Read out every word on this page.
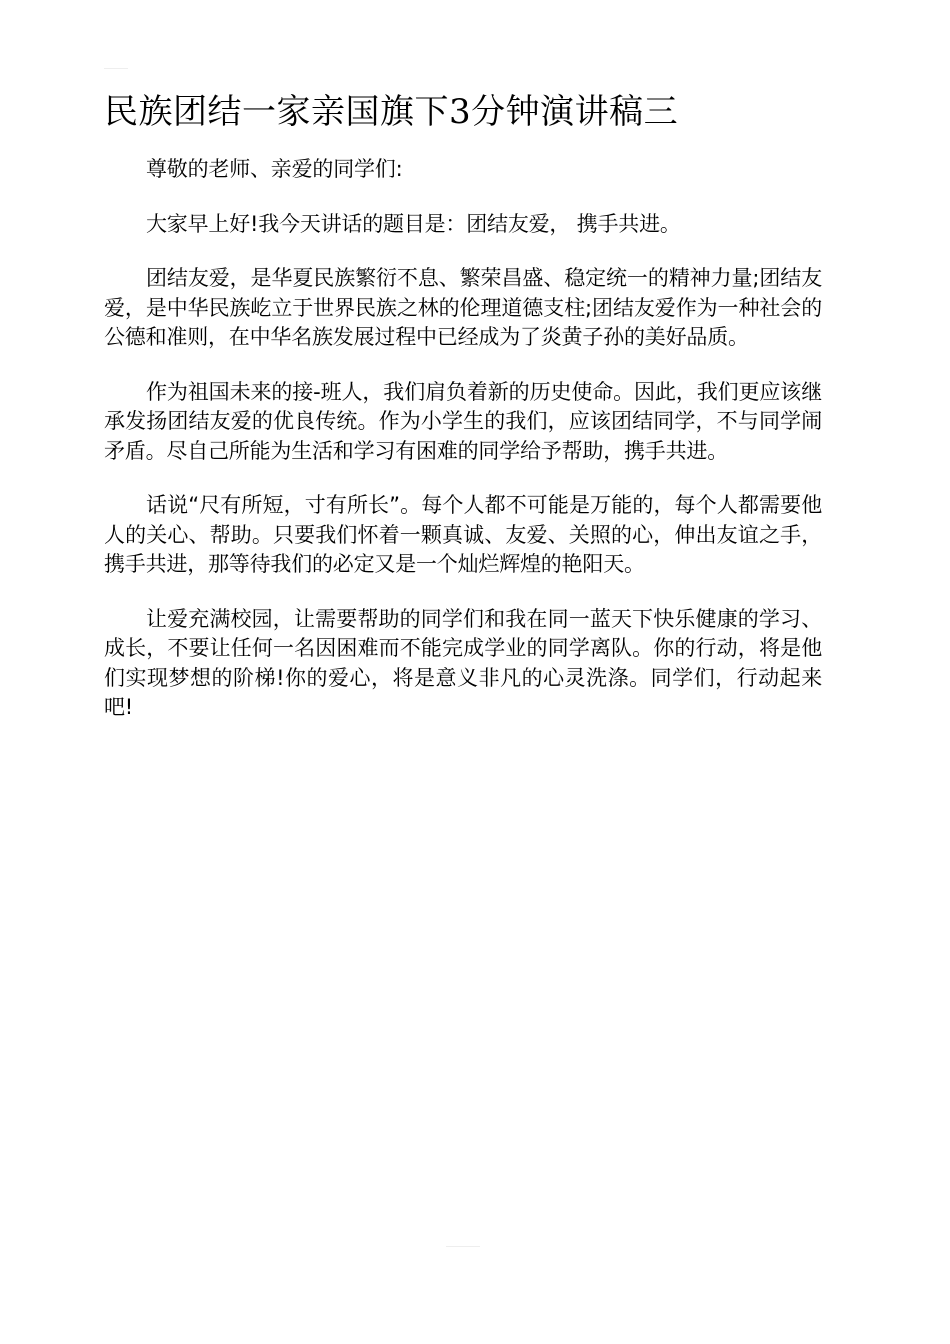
民族团结一家亲国旗下3分钟演讲稿三

尊敬的老师、亲爱的同学们:

大家早上好!我今天讲话的题目是：团结友爱， 携手共进。

团结友爱，是华夏民族繁衍不息、繁荣昌盛、稳定统一的精神力量;团结友爱，是中华民族屹立于世界民族之林的伦理道德支柱;团结友爱作为一种社会的公德和准则，在中华名族发展过程中已经成为了炎黄子孙的美好品质。

作为祖国未来的接-班人，我们肩负着新的历史使命。因此，我们更应该继承发扬团结友爱的优良传统。作为小学生的我们，应该团结同学，不与同学闹矛盾。尽自己所能为生活和学习有困难的同学给予帮助，携手共进。

话说“尺有所短，寸有所长”。每个人都不可能是万能的，每个人都需要他人的关心、帮助。只要我们怀着一颗真诚、友爱、关照的心，伸出友谊之手，携手共进，那等待我们的必定又是一个灿烂辉煌的艳阳天。

让爱充满校园，让需要帮助的同学们和我在同一蓝天下快乐健康的学习、成长，不要让任何一名因困难而不能完成学业的同学离队。你的行动，将是他们实现梦想的阶梯!你的爱心，将是意义非凡的心灵洗涤。同学们，行动起来吧!
